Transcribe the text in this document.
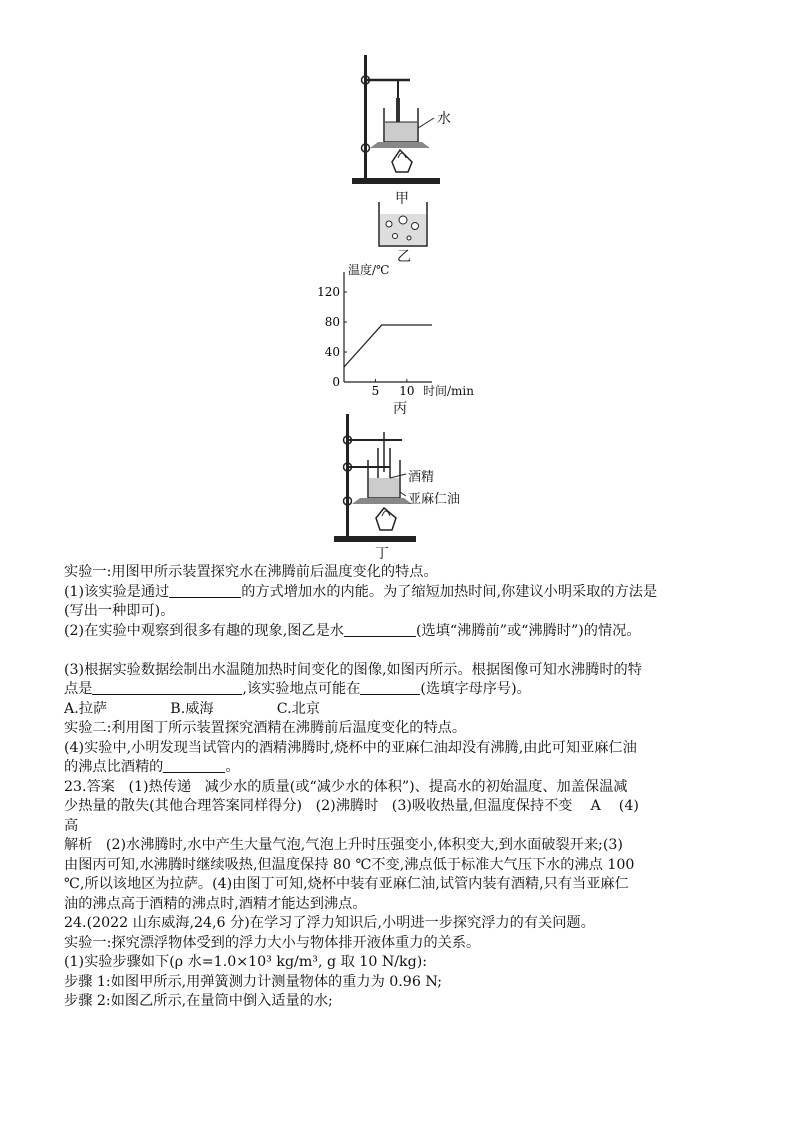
水
甲
乙
温度/℃
时间/min
0
40
80
120
5 10
丙
酒精
亚麻仁油
丁

实验一:用图甲所示装置探究水在沸腾前后温度变化的特点。

(1)该实验是通过	的方式增加水的内能。为了缩短加热时间,你建议小明采取的方法是

(写出一种即可)。

(2)在实验中观察到很多有趣的现象,图乙是水	(选填“沸腾前”或“沸腾时”)的情况。

(3)根据实验数据绘制出水温随加热时间变化的图像,如图丙所示。根据图像可知水沸腾时的特

点是	,该实验地点可能在	(选填字母序号)。

A.拉萨              B.威海              C.北京

实验二:利用图丁所示装置探究酒精在沸腾前后温度变化的特点。

(4)实验中,小明发现当试管内的酒精沸腾时,烧杯中的亚麻仁油却没有沸腾,由此可知亚麻仁油

的沸点比酒精的	。

23.答案   (1)热传递   减少水的质量(或“减少水的体积”)、提高水的初始温度、加盖保温减

少热量的散失(其他合理答案同样得分)   (2)沸腾时   (3)吸收热量,但温度保持不变    A    (4)

高

解析   (2)水沸腾时,水中产生大量气泡,气泡上升时压强变小,体积变大,到水面破裂开来;(3)

由图丙可知,水沸腾时继续吸热,但温度保持 80 ℃不变,沸点低于标准大气压下水的沸点 100

℃,所以该地区为拉萨。(4)由图丁可知,烧杯中装有亚麻仁油,试管内装有酒精,只有当亚麻仁

油的沸点高于酒精的沸点时,酒精才能达到沸点。

24.(2022 山东威海,24,6 分)在学习了浮力知识后,小明进一步探究浮力的有关问题。

实验一:探究漂浮物体受到的浮力大小与物体排开液体重力的关系。

(1)实验步骤如下(ρ 水=1.0×10³ kg/m³, g 取 10 N/kg):

步骤 1:如图甲所示,用弹簧测力计测量物体的重力为 0.96 N;

步骤 2:如图乙所示,在量筒中倒入适量的水;
